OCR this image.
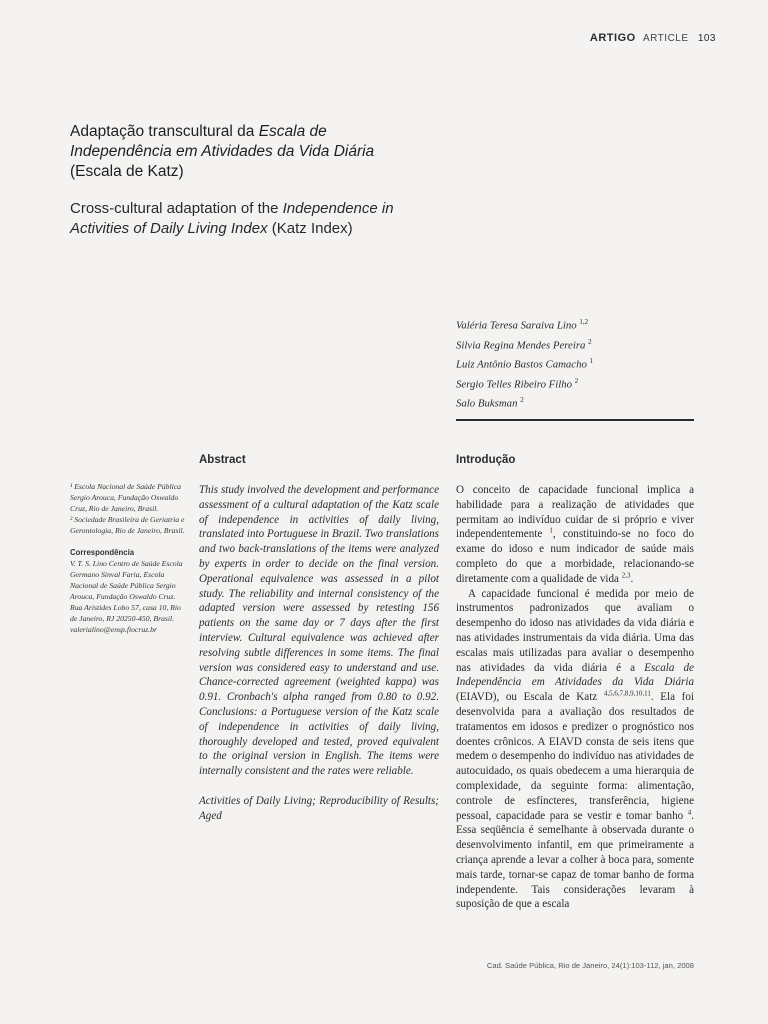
ARTIGO ARTICLE 103
Adaptação transcultural da Escala de Independência em Atividades da Vida Diária (Escala de Katz)
Cross-cultural adaptation of the Independence in Activities of Daily Living Index (Katz Index)
Valéria Teresa Saraiva Lino $^{1,2}$
Silvia Regina Mendes Pereira $^2$
Luiz Antônio Bastos Camacho $^1$
Sergio Telles Ribeiro Filho $^2$
Salo Buksman $^2$
Abstract	Introdução
¹ Escola Nacional de Saúde Pública Sergio Arouca, Fundação Oswaldo Cruz, Rio de Janeiro, Brasil.
² Sociedade Brasileira de Geriatria e Gerontologia, Rio de Janeiro, Brasil.
Correspondência
V. T. S. Lino Centro de Saúde Escola Germano Sinval Faria, Escola Nacional de Saúde Pública Sergio Arouca, Fundação Oswaldo Cruz. Rua Aristides Lobo 57, casa 10, Rio de Janeiro, RJ 20250-450, Brasil. valerialino@ensp.fiocruz.br

This study involved the development and performance assessment of a cultural adaptation of the Katz scale of independence in activities of daily living, translated into Portuguese in Brazil. Two translations and two back-translations of the items were analyzed by experts in order to decide on the final version. Operational equivalence was assessed in a pilot study. The reliability and internal consistency of the adapted version were assessed by retesting 156 patients on the same day or 7 days after the first interview. Cultural equivalence was achieved after resolving subtle differences in some items. The final version was considered easy to understand and use. Chance-corrected agreement (weighted kappa) was 0.91. Cronbach's alpha ranged from 0.80 to 0.92. Conclusions: a Portuguese version of the Katz scale of independence in activities of daily living, thoroughly developed and tested, proved equivalent to the original version in English. The items were internally consistent and the rates were reliable.

Activities of Daily Living; Reproducibility of Results; Aged

O conceito de capacidade funcional implica a habilidade para a realização de atividades que permitam ao indivíduo cuidar de si próprio e viver independentemente $^1$, constituindo-se no foco do exame do idoso e num indicador de saúde mais completo do que a morbidade, relacionando-se diretamente com a qualidade de vida $^{2,3}$.

A capacidade funcional é medida por meio de instrumentos padronizados que avaliam o desempenho do idoso nas atividades da vida diária e nas atividades instrumentais da vida diária. Uma das escalas mais utilizadas para avaliar o desempenho nas atividades da vida diária é a Escala de Independência em Atividades da Vida Diária (EIAVD), ou Escala de Katz $^{4,5,6,7,8,9,10,11}$. Ela foi desenvolvida para a avaliação dos resultados de tratamentos em idosos e predizer o prognóstico nos doentes crônicos. A EIAVD consta de seis itens que medem o desempenho do indivíduo nas atividades de autocuidado, os quais obedecem a uma hierarquia de complexidade, da seguinte forma: alimentação, controle de esfíncteres, transferência, higiene pessoal, capacidade para se vestir e tomar banho $^4$. Essa seqüência é semelhante à observada durante o desenvolvimento infantil, em que primeiramente a criança aprende a levar a colher à boca para, somente mais tarde, tornar-se capaz de tomar banho de forma independente. Tais considerações levaram à suposição de que a escala

Cad. Saúde Pública, Rio de Janeiro, 24(1):103-112, jan, 2008
